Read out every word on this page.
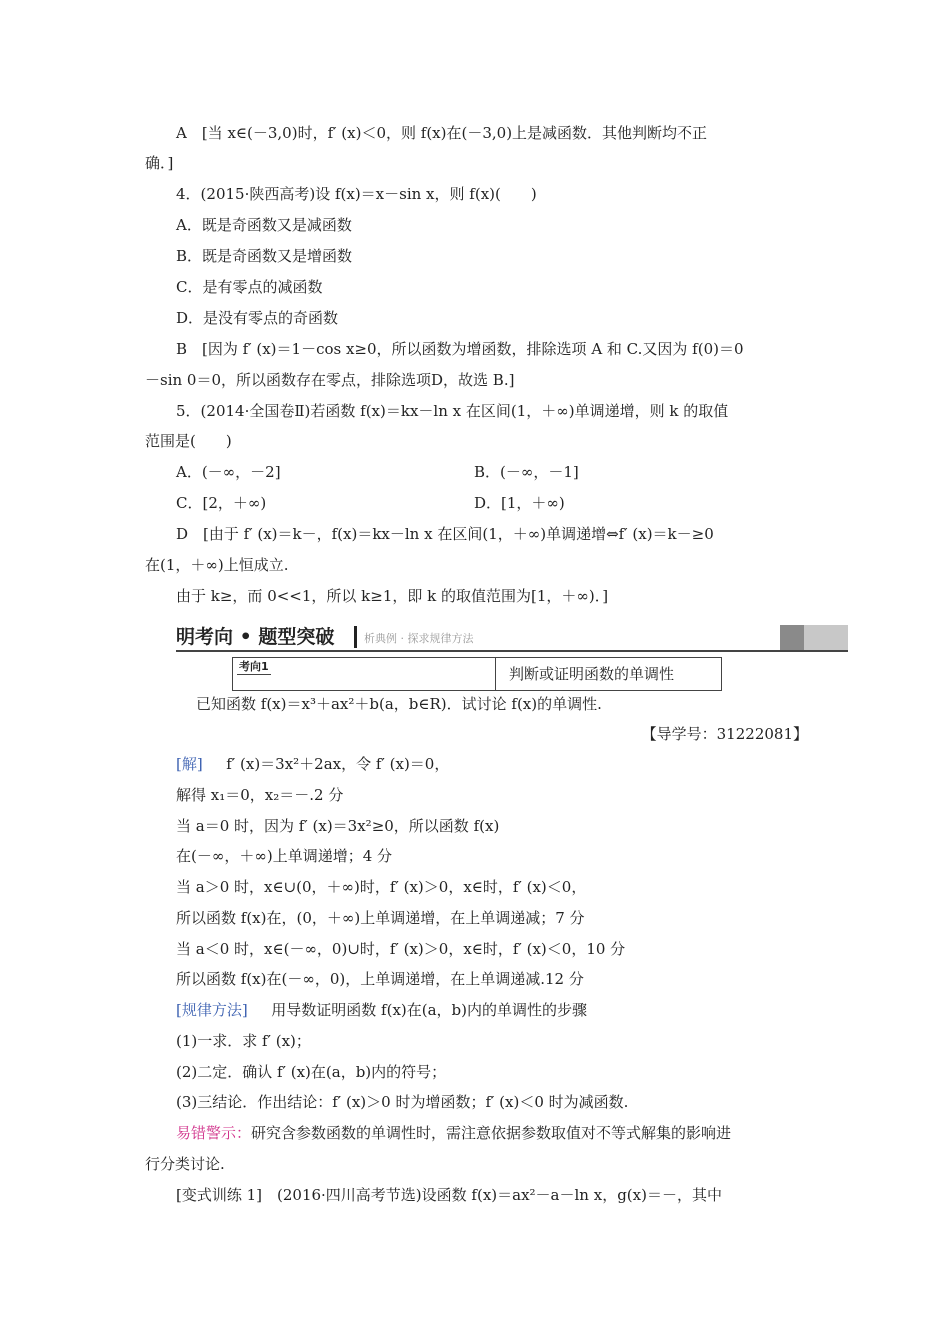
A　[当 x∈(－3,0)时，f′ (x)＜0，则 f(x)在(－3,0)上是减函数．其他判断均不正
确．]
4．(2015·陕西高考)设 f(x)＝x－sin x，则 f(x)(　　)
A．既是奇函数又是减函数
B．既是奇函数又是增函数
C．是有零点的减函数
D．是没有零点的奇函数
B　[因为 f′ (x)＝1－cos x≥0，所以函数为增函数，排除选项 A 和 C.又因为 f(0)＝0
－sin 0＝0，所以函数存在零点，排除选项D，故选 B.]
5．(2014·全国卷Ⅱ)若函数 f(x)＝kx－ln x 在区间(1，＋∞)单调递增，则 k 的取值
范围是(　　)
A．(－∞，－2]	B．(－∞，－1]
C．[2，＋∞)	D．[1，＋∞)
D　[由于 f′ (x)＝k－，f(x)＝kx－ln x 在区间(1，＋∞)单调递增⇔f′ (x)＝k－≥0
在(1，＋∞)上恒成立.
由于 k≥，而 0<<1，所以 k≥1，即 k 的取值范围为[1，＋∞)．]
明考向 • 题型突破	析典例 · 探求规律方法
考向1	判断或证明函数的单调性
已知函数 f(x)＝x³＋ax²＋b(a，b∈R)．试讨论 f(x)的单调性.
【导学号：31222081】
[解] f′ (x)＝3x²＋2ax，令 f′ (x)＝0，
解得 x₁＝0，x₂＝－.2 分
当 a＝0 时，因为 f′ (x)＝3x²≥0，所以函数 f(x)
在(－∞，＋∞)上单调递增；4 分
当 a＞0 时，x∈∪(0，＋∞)时，f′ (x)＞0，x∈时，f′ (x)＜0，
所以函数 f(x)在，(0，＋∞)上单调递增，在上单调递减；7 分
当 a＜0 时，x∈(－∞，0)∪时，f′ (x)＞0，x∈时，f′ (x)＜0，10 分
所以函数 f(x)在(－∞，0)，上单调递增，在上单调递减.12 分
[规律方法] 用导数证明函数 f(x)在(a，b)内的单调性的步骤
(1)一求．求 f′ (x)；
(2)二定．确认 f′ (x)在(a，b)内的符号；
(3)三结论．作出结论：f′ (x)＞0 时为增函数；f′ (x)＜0 时为减函数.
易错警示：研究含参数函数的单调性时，需注意依据参数取值对不等式解集的影响进
行分类讨论.
[变式训练 1]　(2016·四川高考节选)设函数 f(x)＝ax²－a－ln x，g(x)＝－，其中
